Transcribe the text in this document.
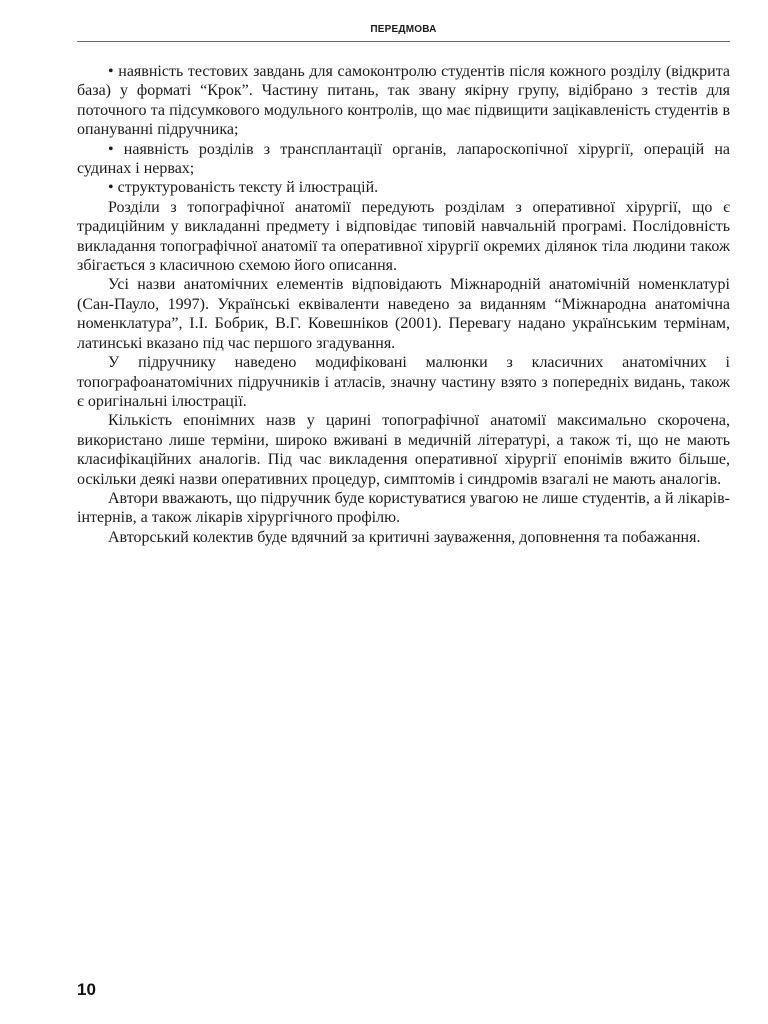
ПЕРЕДМОВА

• наявність тестових завдань для самоконтролю студентів після кожного розділу (відкрита база) у форматі “Крок”. Частину питань, так звану якірну групу, відібрано з тестів для поточного та підсумкового модульного контролів, що має підвищити зацікавленість студентів в опануванні підручника;

• наявність розділів з трансплантації органів, лапароскопічної хірургії, операцій на судинах і нервах;

• структурованість тексту й ілюстрацій.

Розділи з топографічної анатомії передують розділам з оперативної хірургії, що є традиційним у викладанні предмету і відповідає типовій навчальній програмі. Послідовність викладання топографічної анатомії та оперативної хірургії окремих ділянок тіла людини також збігається з класичною схемою його описання.

Усі назви анатомічних елементів відповідають Міжнародній анатомічній номенклатурі (Сан-Пауло, 1997). Українські еквіваленти наведено за виданням “Міжнародна анатомічна номенклатура”, І.І. Бобрик, В.Г. Ковешніков (2001). Перевагу надано українським термінам, латинські вказано під час першого згадування.

У підручнику наведено модифіковані малюнки з класичних анатомічних і топографоанатомічних підручників і атласів, значну частину взято з попередніх видань, також є оригінальні ілюстрації.

Кількість епонімних назв у царині топографічної анатомії максимально скорочена, використано лише терміни, широко вживані в медичній літературі, а також ті, що не мають класифікаційних аналогів. Під час викладення оперативної хірургії епонімів вжито більше, оскільки деякі назви оперативних процедур, симптомів і синдромів взагалі не мають аналогів.

Автори вважають, що підручник буде користуватися увагою не лише студентів, а й лікарів-інтернів, а також лікарів хірургічного профілю.

Авторський колектив буде вдячний за критичні зауваження, доповнення та побажання.

10
